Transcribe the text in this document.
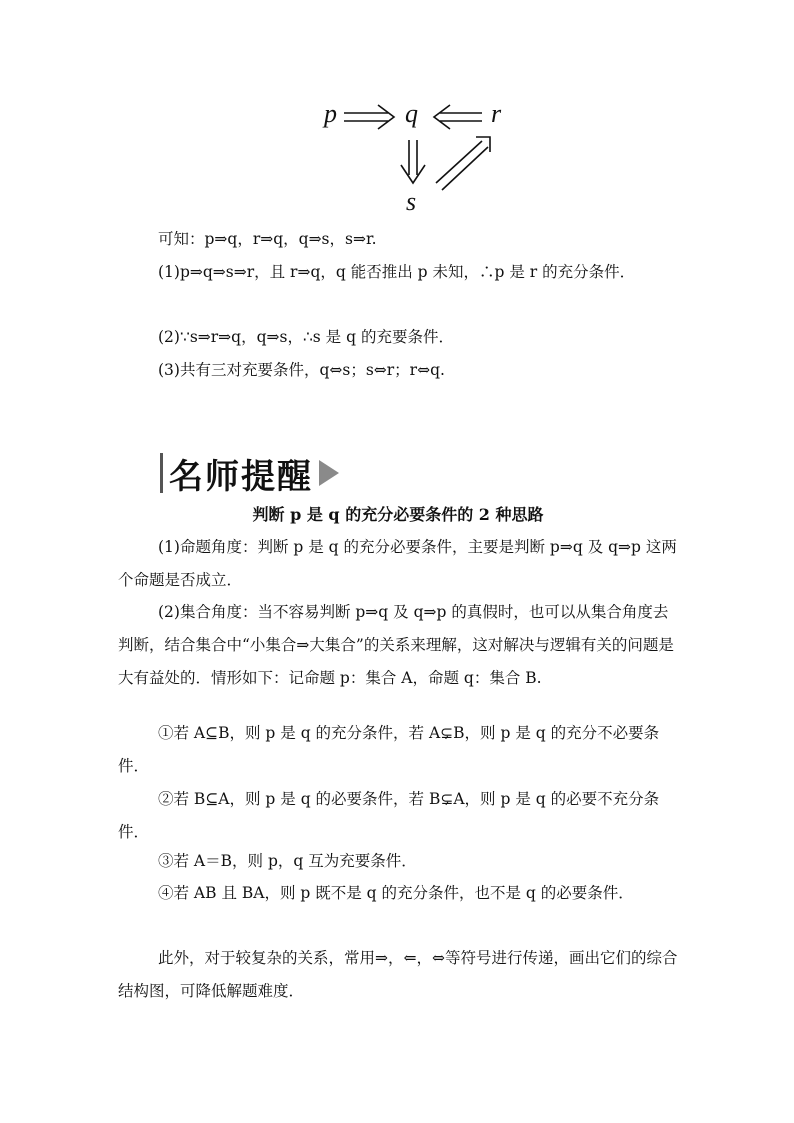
p	q	r
s
可知：p⇒q，r⇒q，q⇒s，s⇒r.
(1)p⇒q⇒s⇒r，且 r⇒q，q 能否推出 p 未知，∴p 是 r 的充分条件．
(2)∵s⇒r⇒q，q⇒s，∴s 是 q 的充要条件．
(3)共有三对充要条件，q⇔s；s⇔r；r⇔q.
名师提醒
判断 p 是 q 的充分必要条件的 2 种思路
(1)命题角度：判断 p 是 q 的充分必要条件，主要是判断 p⇒q 及 q⇒p 这两个命题是否成立．
(2)集合角度：当不容易判断 p⇒q 及 q⇒p 的真假时，也可以从集合角度去判断，结合集合中“小集合⇒大集合”的关系来理解，这对解决与逻辑有关的问题是大有益处的．情形如下：记命题 p：集合 A，命题 q：集合 B.
①若 A⊆B，则 p 是 q 的充分条件，若 A⊊B，则 p 是 q 的充分不必要条件．
②若 B⊆A，则 p 是 q 的必要条件，若 B⊊A，则 p 是 q 的必要不充分条件．
③若 A＝B，则 p，q 互为充要条件．
④若 AB 且 BA，则 p 既不是 q 的充分条件，也不是 q 的必要条件．
此外，对于较复杂的关系，常用⇒，⇐，⇔等符号进行传递，画出它们的综合结构图，可降低解题难度．
